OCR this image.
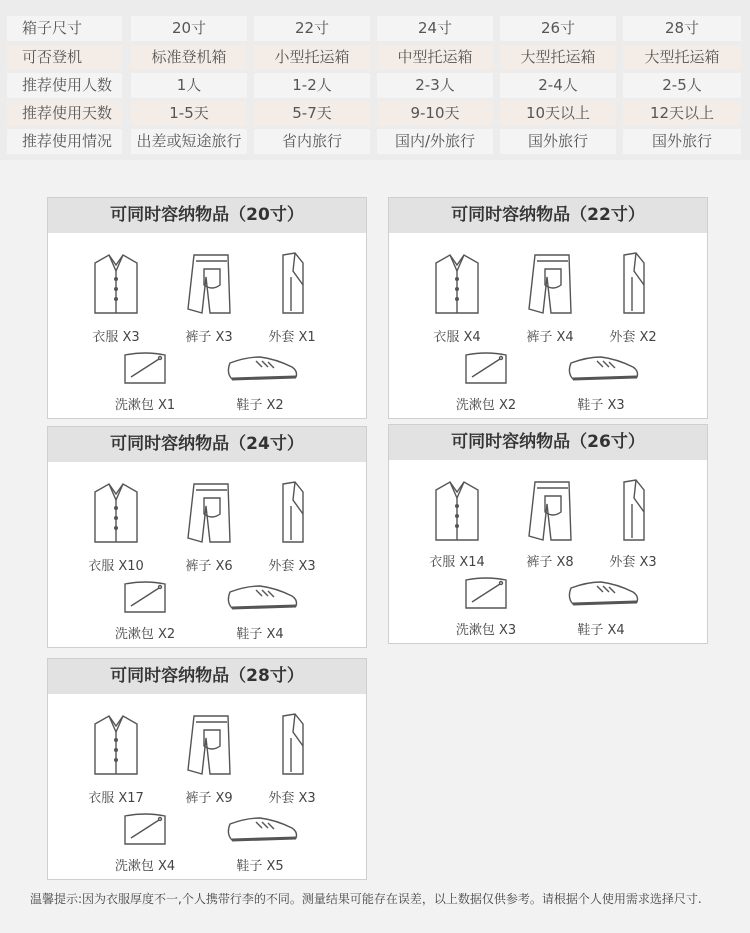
箱子尺寸	20寸	22寸	24寸	26寸	28寸
可否登机	标准登机箱	小型托运箱	中型托运箱	大型托运箱	大型托运箱
推荐使用人数	1人	1-2人	2-3人	2-4人	2-5人
推荐使用天数	1-5天	5-7天	9-10天	10天以上	12天以上
推荐使用情况	出差或短途旅行	省内旅行	国内/外旅行	国外旅行	国外旅行
可同时容纳物品（20寸）
衣服 X3	裤子 X3	外套 X1
洗漱包 X1	鞋子 X2
可同时容纳物品（22寸）
衣服 X4	裤子 X4	外套 X2
洗漱包 X2	鞋子 X3
可同时容纳物品（24寸）
衣服 X10	裤子 X6	外套 X3
洗漱包 X2	鞋子 X4
可同时容纳物品（26寸）
衣服 X14	裤子 X8	外套 X3
洗漱包 X3	鞋子 X4
可同时容纳物品（28寸）
衣服 X17	裤子 X9	外套 X3
洗漱包 X4	鞋子 X5
温馨提示:因为衣服厚度不一,个人携带行李的不同。测量结果可能存在误差，以上数据仅供参考。请根据个人使用需求选择尺寸.
